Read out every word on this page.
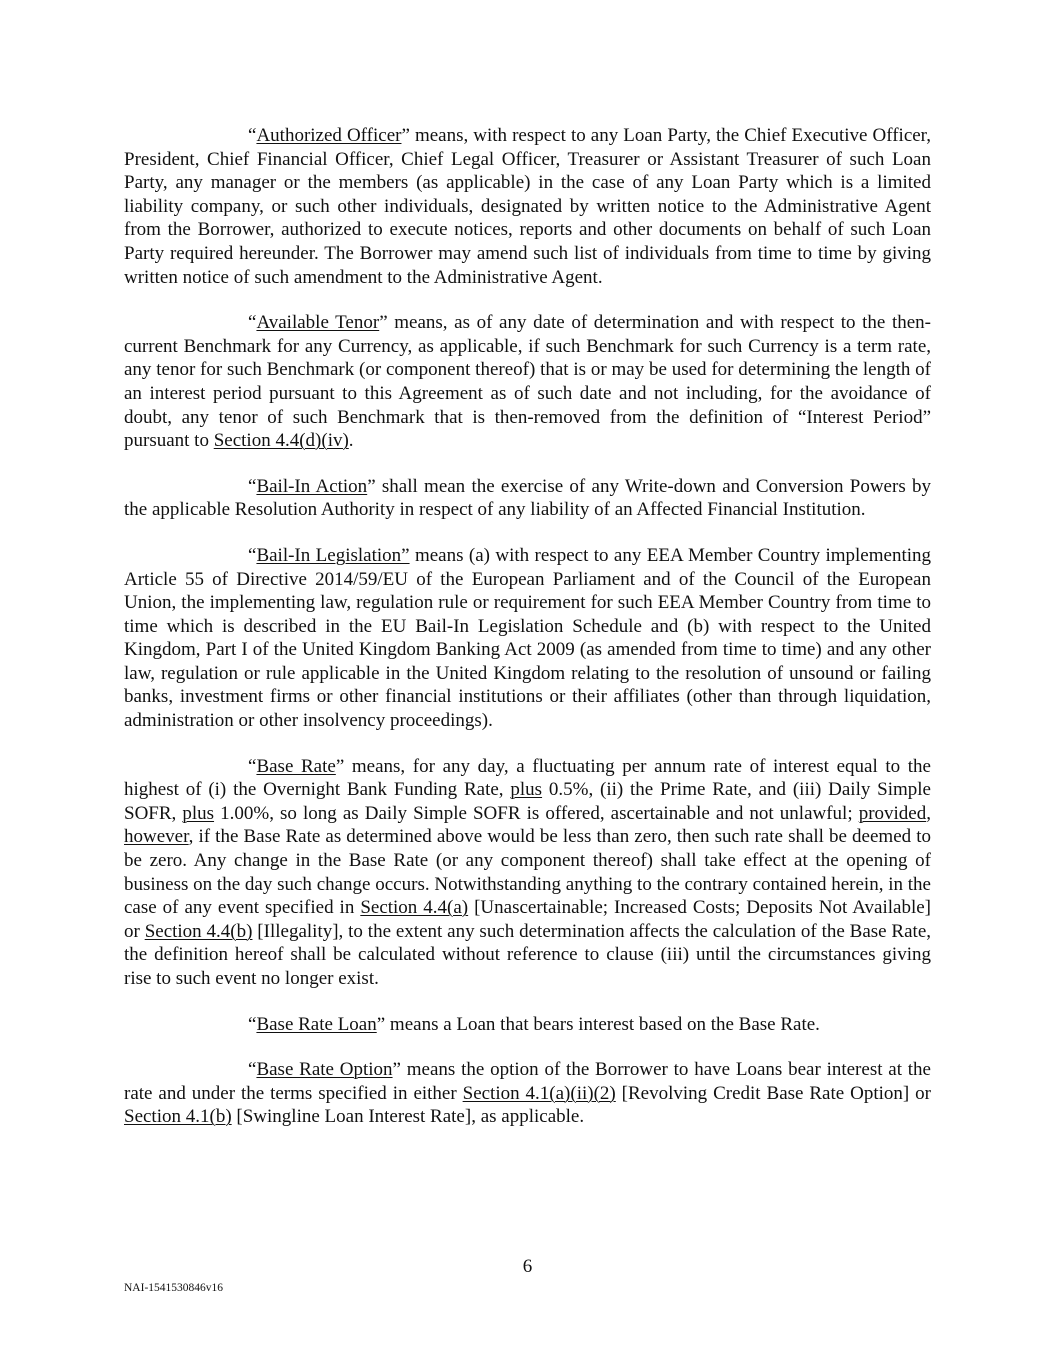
“Authorized Officer” means, with respect to any Loan Party, the Chief Executive Officer, President, Chief Financial Officer, Chief Legal Officer, Treasurer or Assistant Treasurer of such Loan Party, any manager or the members (as applicable) in the case of any Loan Party which is a limited liability company, or such other individuals, designated by written notice to the Administrative Agent from the Borrower, authorized to execute notices, reports and other documents on behalf of such Loan Party required hereunder. The Borrower may amend such list of individuals from time to time by giving written notice of such amendment to the Administrative Agent.

“Available Tenor” means, as of any date of determination and with respect to the then-current Benchmark for any Currency, as applicable, if such Benchmark for such Currency is a term rate, any tenor for such Benchmark (or component thereof) that is or may be used for determining the length of an interest period pursuant to this Agreement as of such date and not including, for the avoidance of doubt, any tenor of such Benchmark that is then-removed from the definition of “Interest Period” pursuant to Section 4.4(d)(iv).

“Bail-In Action” shall mean the exercise of any Write-down and Conversion Powers by the applicable Resolution Authority in respect of any liability of an Affected Financial Institution.

“Bail-In Legislation” means (a) with respect to any EEA Member Country implementing Article 55 of Directive 2014/59/EU of the European Parliament and of the Council of the European Union, the implementing law, regulation rule or requirement for such EEA Member Country from time to time which is described in the EU Bail-In Legislation Schedule and (b) with respect to the United Kingdom, Part I of the United Kingdom Banking Act 2009 (as amended from time to time) and any other law, regulation or rule applicable in the United Kingdom relating to the resolution of unsound or failing banks, investment firms or other financial institutions or their affiliates (other than through liquidation, administration or other insolvency proceedings).

“Base Rate” means, for any day, a fluctuating per annum rate of interest equal to the highest of (i) the Overnight Bank Funding Rate, plus 0.5%, (ii) the Prime Rate, and (iii) Daily Simple SOFR, plus 1.00%, so long as Daily Simple SOFR is offered, ascertainable and not unlawful; provided, however, if the Base Rate as determined above would be less than zero, then such rate shall be deemed to be zero. Any change in the Base Rate (or any component thereof) shall take effect at the opening of business on the day such change occurs. Notwithstanding anything to the contrary contained herein, in the case of any event specified in Section 4.4(a) [Unascertainable; Increased Costs; Deposits Not Available] or Section 4.4(b) [Illegality], to the extent any such determination affects the calculation of the Base Rate, the definition hereof shall be calculated without reference to clause (iii) until the circumstances giving rise to such event no longer exist.

“Base Rate Loan” means a Loan that bears interest based on the Base Rate.

“Base Rate Option” means the option of the Borrower to have Loans bear interest at the rate and under the terms specified in either Section 4.1(a)(ii)(2) [Revolving Credit Base Rate Option] or Section 4.1(b) [Swingline Loan Interest Rate], as applicable.

6
NAI-1541530846v16
